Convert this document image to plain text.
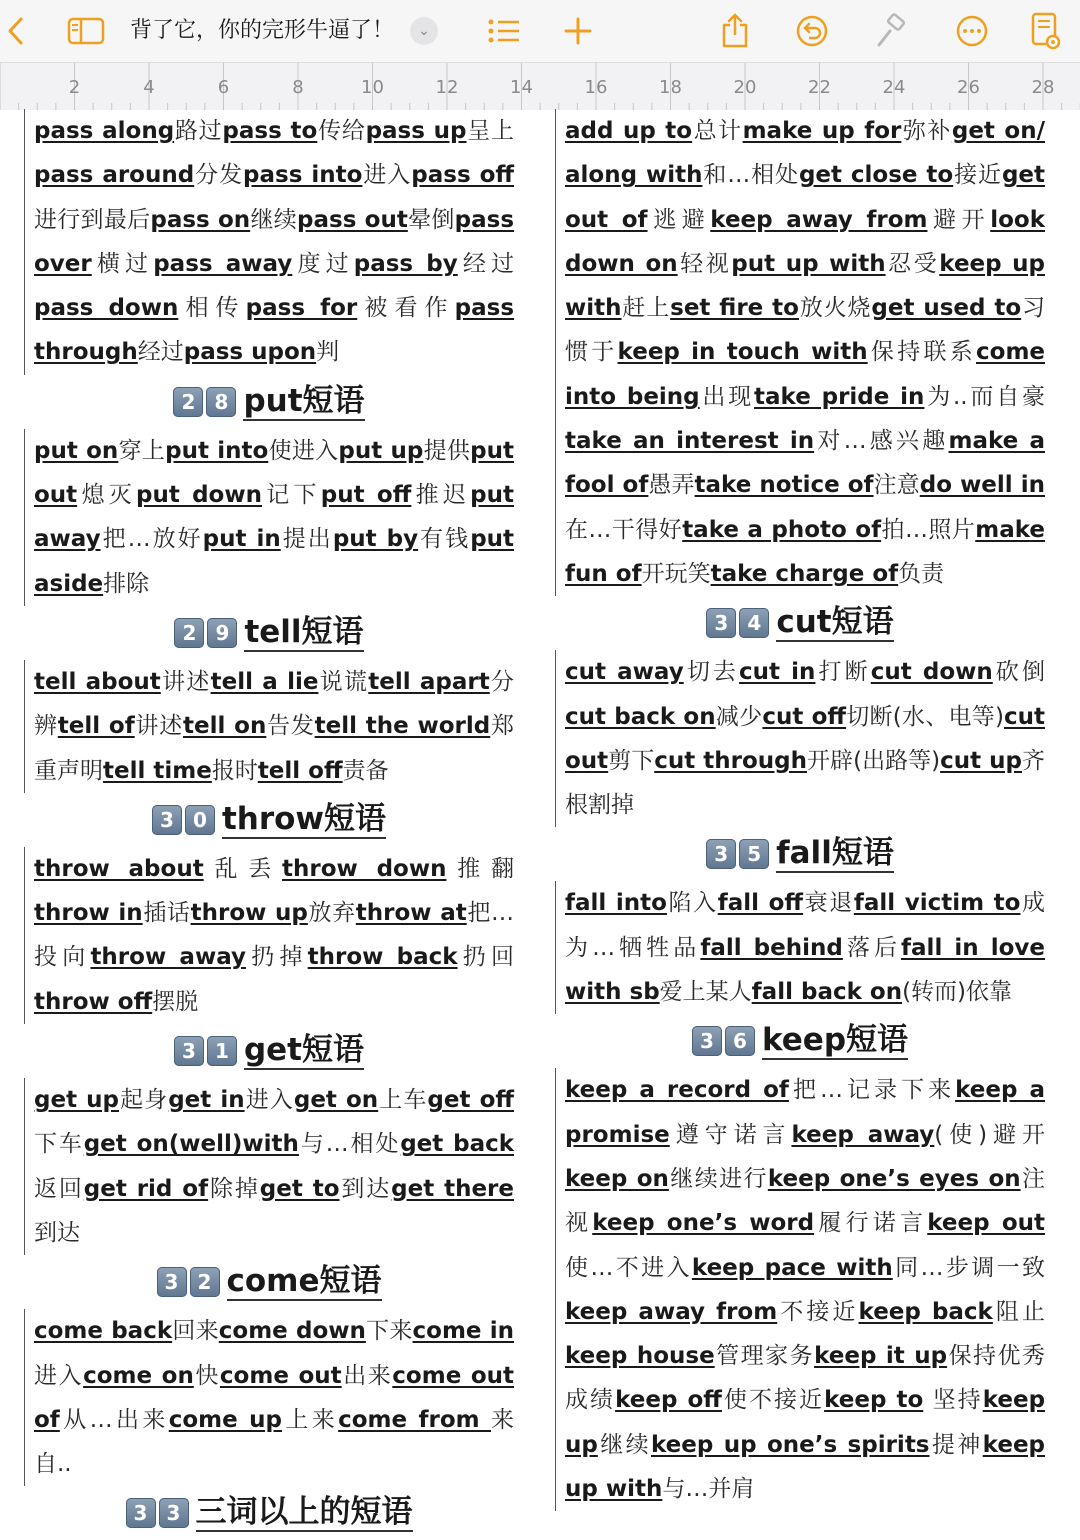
背了它，你的完形牛逼了！	⌄
2	4	6	8	10	12	14	16	18	20	22	24	26	28
pass along路过pass to传给pass up呈上pass around分发pass into进入pass off进行到最后pass on继续pass out晕倒pass over横过pass away度过pass by经过pass down相传pass for被看作pass through经过pass upon判
2 8 put短语
put on穿上put into使进入put up提供put out熄灭put down记下put off推迟put away把…放好put in提出put by有钱put aside排除
2 9 tell短语
tell about讲述tell a lie说谎tell apart分辨tell of讲述tell on告发tell the world郑重声明tell time报时tell off责备
3 0 throw短语
throw about乱丢throw down推翻throw in插话throw up放弃throw at把…投向throw away扔掉throw back扔回throw off摆脱
3 1 get短语
get up起身get in进入get on上车get off下车get on(well)with与…相处get back返回get rid of除掉get to到达get there到达
3 2 come短语
come back回来come down下来come in进入come on快come out出来come out of从…出来come up上来come from 来自..
3 3 三词以上的短语
add up to总计make up for弥补get on/ along with和…相处get close to接近get out of逃避keep away from避开look down on轻视put up with忍受keep up with赶上set fire to放火烧get used to习惯于keep in touch with保持联系come into being出现take pride in为..而自豪take an interest in对…感兴趣make a fool of愚弄take notice of注意do well in在…干得好take a photo of拍…照片make fun of开玩笑take charge of负责
3 4 cut短语
cut away切去cut in打断cut down砍倒cut back on减少cut off切断(水、电等)cut out剪下cut through开辟(出路等)cut up齐根割掉
3 5 fall短语
fall into陷入fall off衰退fall victim to成为…牺牲品fall behind落后fall in love with sb爱上某人fall back on(转而)依靠
3 6 keep短语
keep a record of把…记录下来keep a promise遵守诺言keep away(使)避开keep on继续进行keep one’s eyes on注视keep one’s word履行诺言keep out使…不进入keep pace with同…步调一致keep away from不接近keep back阻止keep house管理家务keep it up保持优秀成绩keep off使不接近keep to 坚持keep up继续keep up one’s spirits提神keep up with与…并肩
